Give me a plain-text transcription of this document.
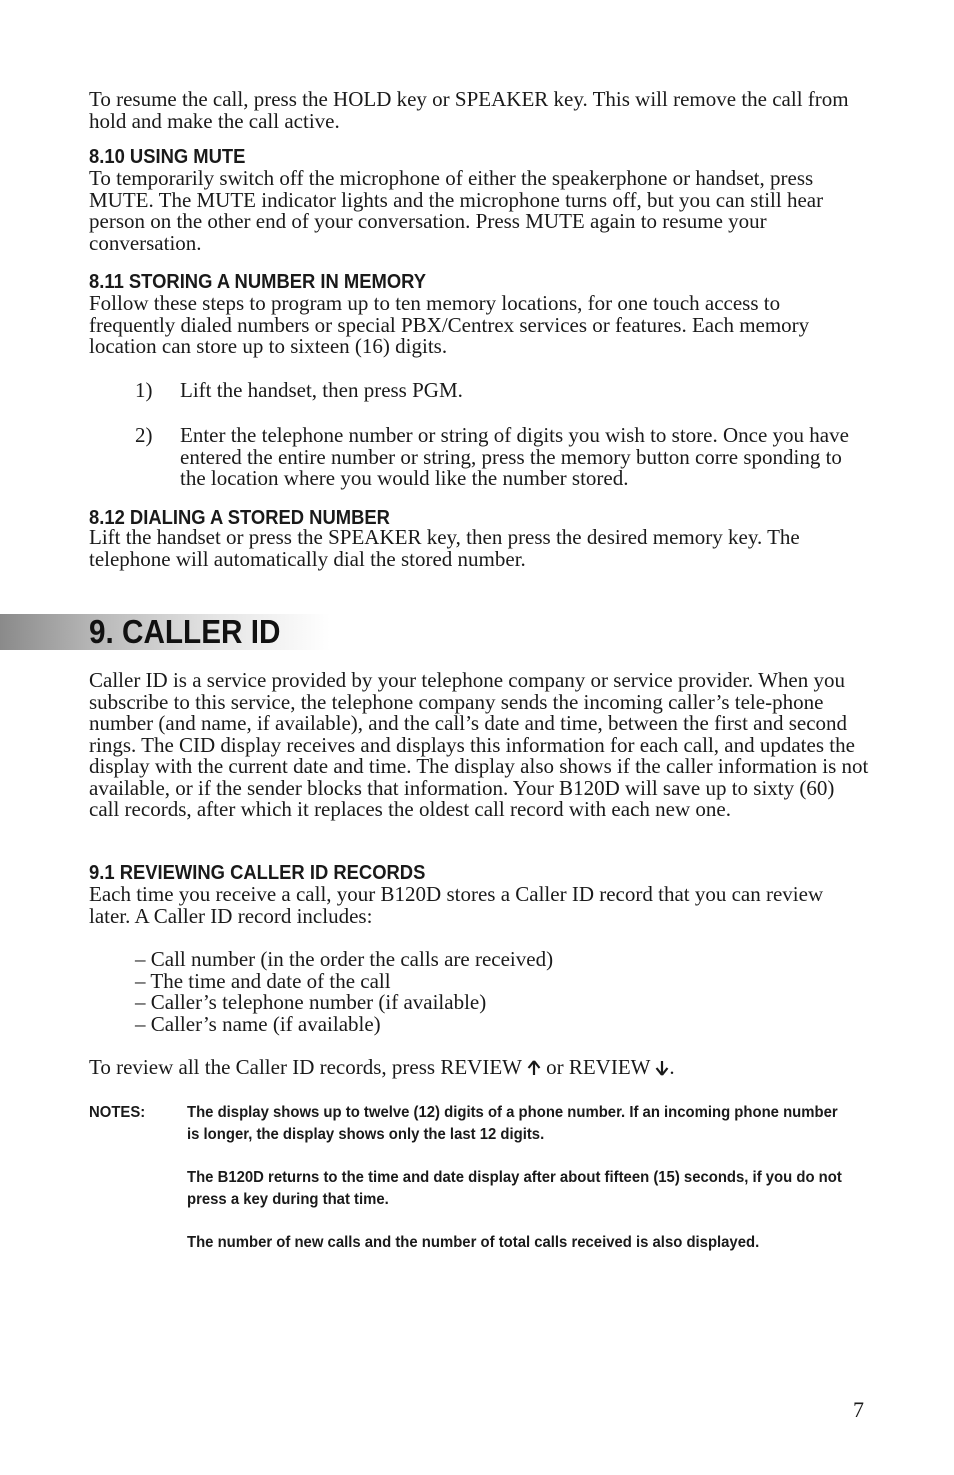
To resume the call, press the HOLD key or SPEAKER key. This will remove the call from hold and make the call active.

8.10 USING MUTE

To temporarily switch off the microphone of either the speakerphone or handset, press MUTE. The MUTE indicator lights and the microphone turns off, but you can still hear person on the other end of your conversation. Press MUTE again to resume your conversation.

8.11 STORING A NUMBER IN MEMORY

Follow these steps to program up to ten memory locations, for one touch access to frequently dialed numbers or special PBX/Centrex services or features. Each memory location can store up to sixteen (16) digits.

1) Lift the handset, then press PGM.
2) Enter the telephone number or string of digits you wish to store. Once you have entered the entire number or string, press the memory button corre sponding to the location where you would like the number stored.
8.12 DIALING A STORED NUMBER

Lift the handset or press the SPEAKER key, then press the desired memory key. The telephone will automatically dial the stored number.

9. CALLER ID

Caller ID is a service provided by your telephone company or service provider. When you subscribe to this service, the telephone company sends the incoming caller’s tele-phone number (and name, if available), and the call’s date and time, between the first and second rings. The CID display receives and displays this information for each call, and updates the display with the current date and time. The display also shows if the caller information is not available, or if the sender blocks that information. Your B120D will save up to sixty (60) call records, after which it replaces the oldest call record with each new one.

9.1 REVIEWING CALLER ID RECORDS

Each time you receive a call, your B120D stores a Caller ID record that you can review later. A Caller ID record includes:

– Call number (in the order the calls are received)
– The time and date of the call
– Caller’s telephone number (if available)
– Caller’s name (if available)
To review all the Caller ID records, press REVIEW or REVIEW .
NOTES:	The display shows up to twelve (12) digits of a phone number. If an incoming phone number is longer, the display shows only the last 12 digits.
The B120D returns to the time and date display after about fifteen (15) seconds, if you do not press a key during that time.
The number of new calls and the number of total calls received is also displayed.
7
